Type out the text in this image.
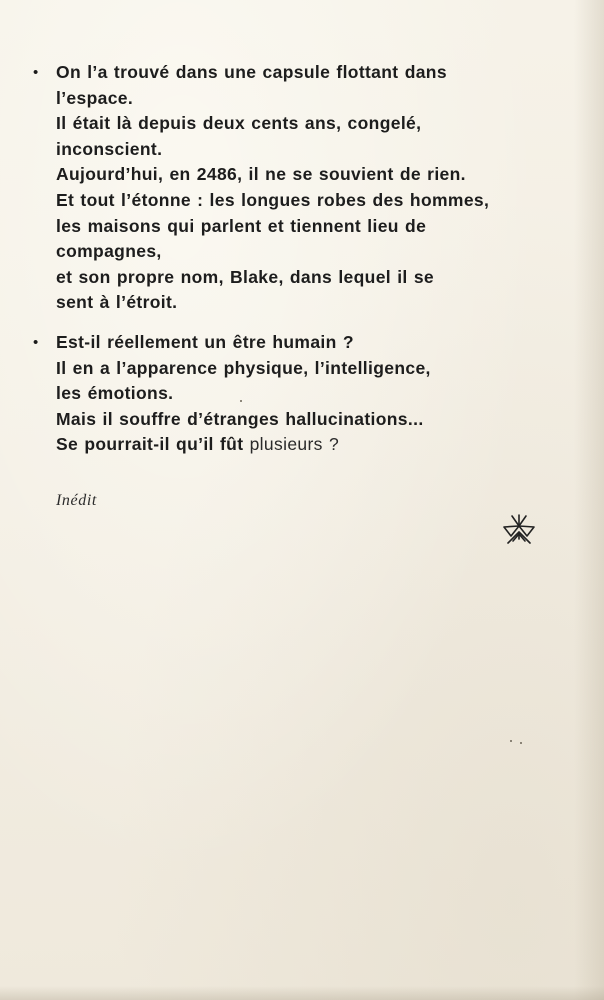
• On l’a trouvé dans une capsule flottant dans
l’espace.
Il était là depuis deux cents ans, congelé,
inconscient.
Aujourd’hui, en 2486, il ne se souvient de rien.
Et tout l’étonne : les longues robes des hommes,
les maisons qui parlent et tiennent lieu de
compagnes,
et son propre nom, Blake, dans lequel il se
sent à l’étroit.
• Est-il réellement un être humain ?
Il en a l’apparence physique, l’intelligence,
les émotions.
Mais il souffre d’étranges hallucinations...
Se pourrait-il qu’il fût plusieurs ?
Inédit
